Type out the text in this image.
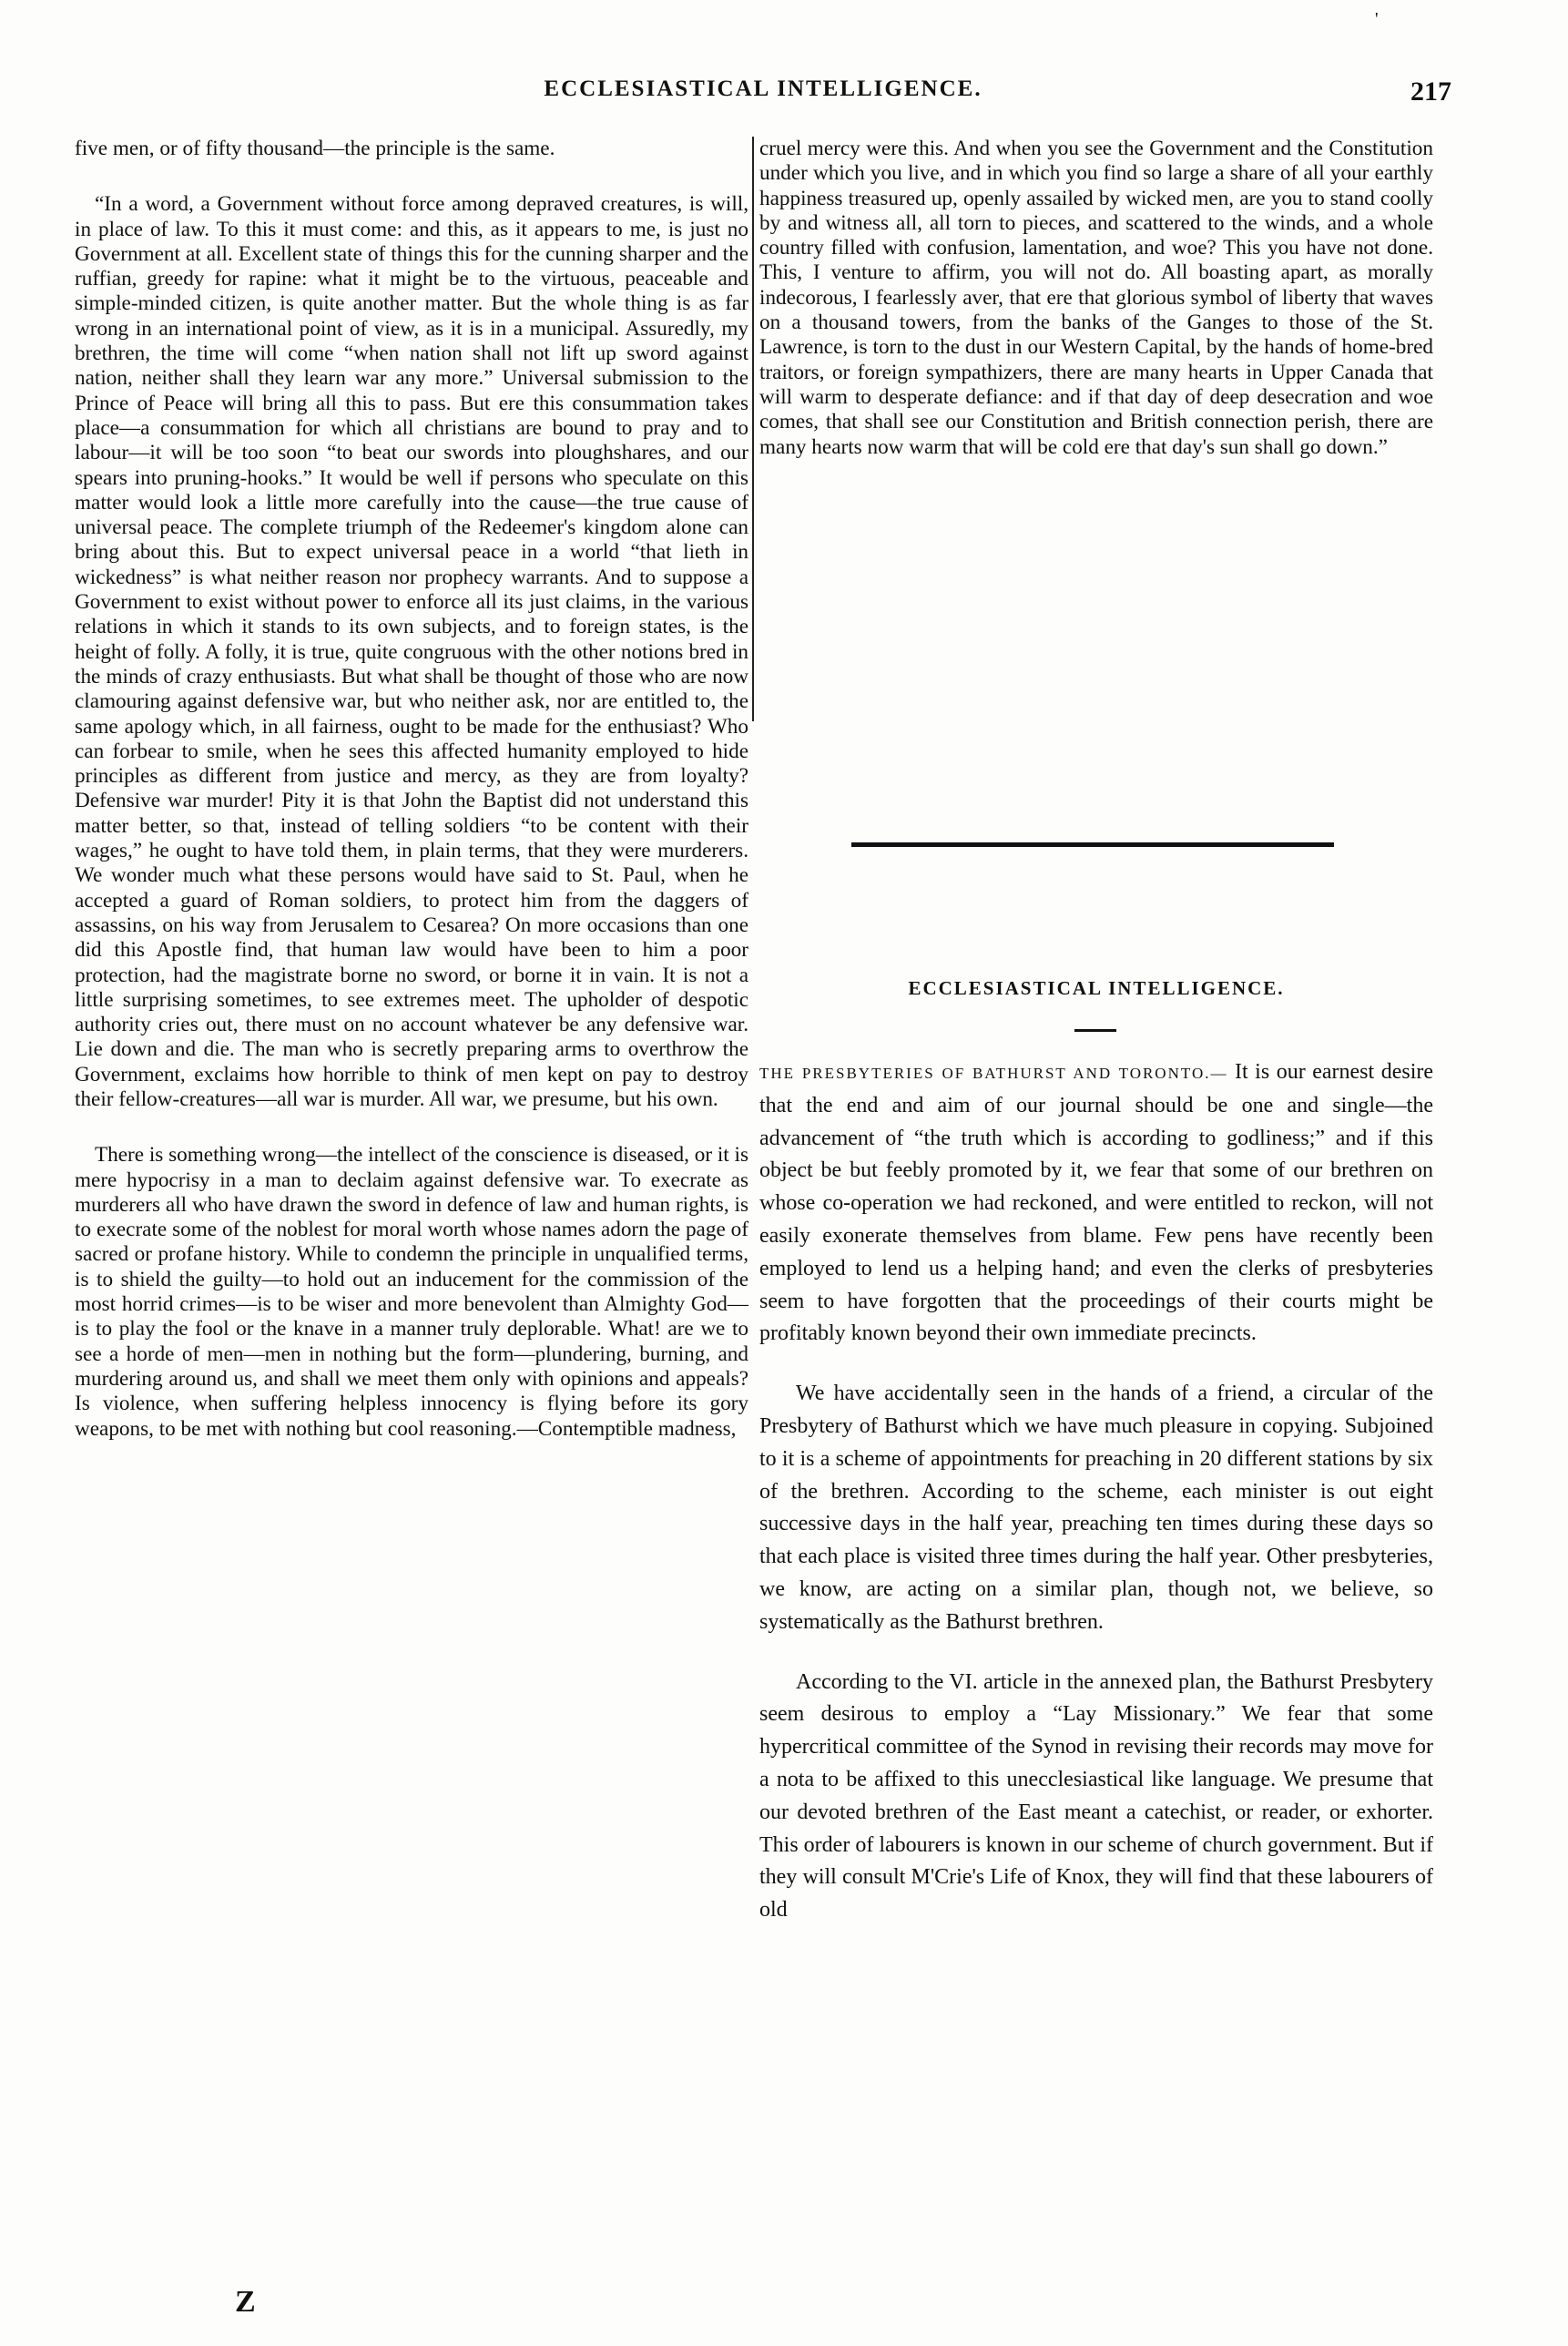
'
ECCLESIASTICAL INTELLIGENCE.	217

five men, or of fifty thousand—the principle is the same.

“In a word, a Government without force among depraved creatures, is will, in place of law. To this it must come: and this, as it appears to me, is just no Government at all. Excellent state of things this for the cunning sharper and the ruffian, greedy for rapine: what it might be to the virtuous, peaceable and simple-minded citizen, is quite another matter. But the whole thing is as far wrong in an international point of view, as it is in a municipal. Assuredly, my brethren, the time will come “when nation shall not lift up sword against nation, neither shall they learn war any more.” Universal submission to the Prince of Peace will bring all this to pass. But ere this consummation takes place—a consummation for which all christians are bound to pray and to labour—it will be too soon “to beat our swords into ploughshares, and our spears into pruning-hooks.” It would be well if persons who speculate on this matter would look a little more carefully into the cause—the true cause of universal peace. The complete triumph of the Redeemer's kingdom alone can bring about this. But to expect universal peace in a world “that lieth in wickedness” is what neither reason nor prophecy warrants. And to suppose a Government to exist without power to enforce all its just claims, in the various relations in which it stands to its own subjects, and to foreign states, is the height of folly. A folly, it is true, quite congruous with the other notions bred in the minds of crazy enthusiasts. But what shall be thought of those who are now clamouring against defensive war, but who neither ask, nor are entitled to, the same apology which, in all fairness, ought to be made for the enthusiast? Who can forbear to smile, when he sees this affected humanity employed to hide principles as different from justice and mercy, as they are from loyalty? Defensive war murder! Pity it is that John the Baptist did not understand this matter better, so that, instead of telling soldiers “to be content with their wages,” he ought to have told them, in plain terms, that they were murderers. We wonder much what these persons would have said to St. Paul, when he accepted a guard of Roman soldiers, to protect him from the daggers of assassins, on his way from Jerusalem to Cesarea? On more occasions than one did this Apostle find, that human law would have been to him a poor protection, had the magistrate borne no sword, or borne it in vain. It is not a little surprising sometimes, to see extremes meet. The upholder of despotic authority cries out, there must on no account whatever be any defensive war. Lie down and die. The man who is secretly preparing arms to overthrow the Government, exclaims how horrible to think of men kept on pay to destroy their fellow-creatures—all war is murder. All war, we presume, but his own.

There is something wrong—the intellect of the conscience is diseased, or it is mere hypocrisy in a man to declaim against defensive war. To execrate as murderers all who have drawn the sword in defence of law and human rights, is to execrate some of the noblest for moral worth whose names adorn the page of sacred or profane history. While to condemn the principle in unqualified terms, is to shield the guilty—to hold out an inducement for the commission of the most horrid crimes—is to be wiser and more benevolent than Almighty God—is to play the fool or the knave in a manner truly deplorable. What! are we to see a horde of men—men in nothing but the form—plundering, burning, and murdering around us, and shall we meet them only with opinions and appeals? Is violence, when suffering helpless innocency is flying before its gory weapons, to be met with nothing but cool reasoning.—Contemptible madness,

Z

cruel mercy were this. And when you see the Government and the Constitution under which you live, and in which you find so large a share of all your earthly happiness treasured up, openly assailed by wicked men, are you to stand coolly by and witness all, all torn to pieces, and scattered to the winds, and a whole country filled with confusion, lamentation, and woe? This you have not done. This, I venture to affirm, you will not do. All boasting apart, as morally indecorous, I fearlessly aver, that ere that glorious symbol of liberty that waves on a thousand towers, from the banks of the Ganges to those of the St. Lawrence, is torn to the dust in our Western Capital, by the hands of home-bred traitors, or foreign sympathizers, there are many hearts in Upper Canada that will warm to desperate defiance: and if that day of deep desecration and woe comes, that shall see our Constitution and British connection perish, there are many hearts now warm that will be cold ere that day's sun shall go down.”

ECCLESIASTICAL INTELLIGENCE.

THE PRESBYTERIES OF BATHURST AND TORONTO.— It is our earnest desire that the end and aim of our journal should be one and single—the advancement of “the truth which is according to godliness;” and if this object be but feebly promoted by it, we fear that some of our brethren on whose co-operation we had reckoned, and were entitled to reckon, will not easily exonerate themselves from blame. Few pens have recently been employed to lend us a helping hand; and even the clerks of presbyteries seem to have forgotten that the proceedings of their courts might be profitably known beyond their own immediate precincts.

We have accidentally seen in the hands of a friend, a circular of the Presbytery of Bathurst which we have much pleasure in copying. Subjoined to it is a scheme of appointments for preaching in 20 different stations by six of the brethren. According to the scheme, each minister is out eight successive days in the half year, preaching ten times during these days so that each place is visited three times during the half year. Other presbyteries, we know, are acting on a similar plan, though not, we believe, so systematically as the Bathurst brethren.

According to the VI. article in the annexed plan, the Bathurst Presbytery seem desirous to employ a “Lay Missionary.” We fear that some hypercritical committee of the Synod in revising their records may move for a nota to be affixed to this unecclesiastical like language. We presume that our devoted brethren of the East meant a catechist, or reader, or exhorter. This order of labourers is known in our scheme of church government. But if they will consult M'Crie's Life of Knox, they will find that these labourers of old
